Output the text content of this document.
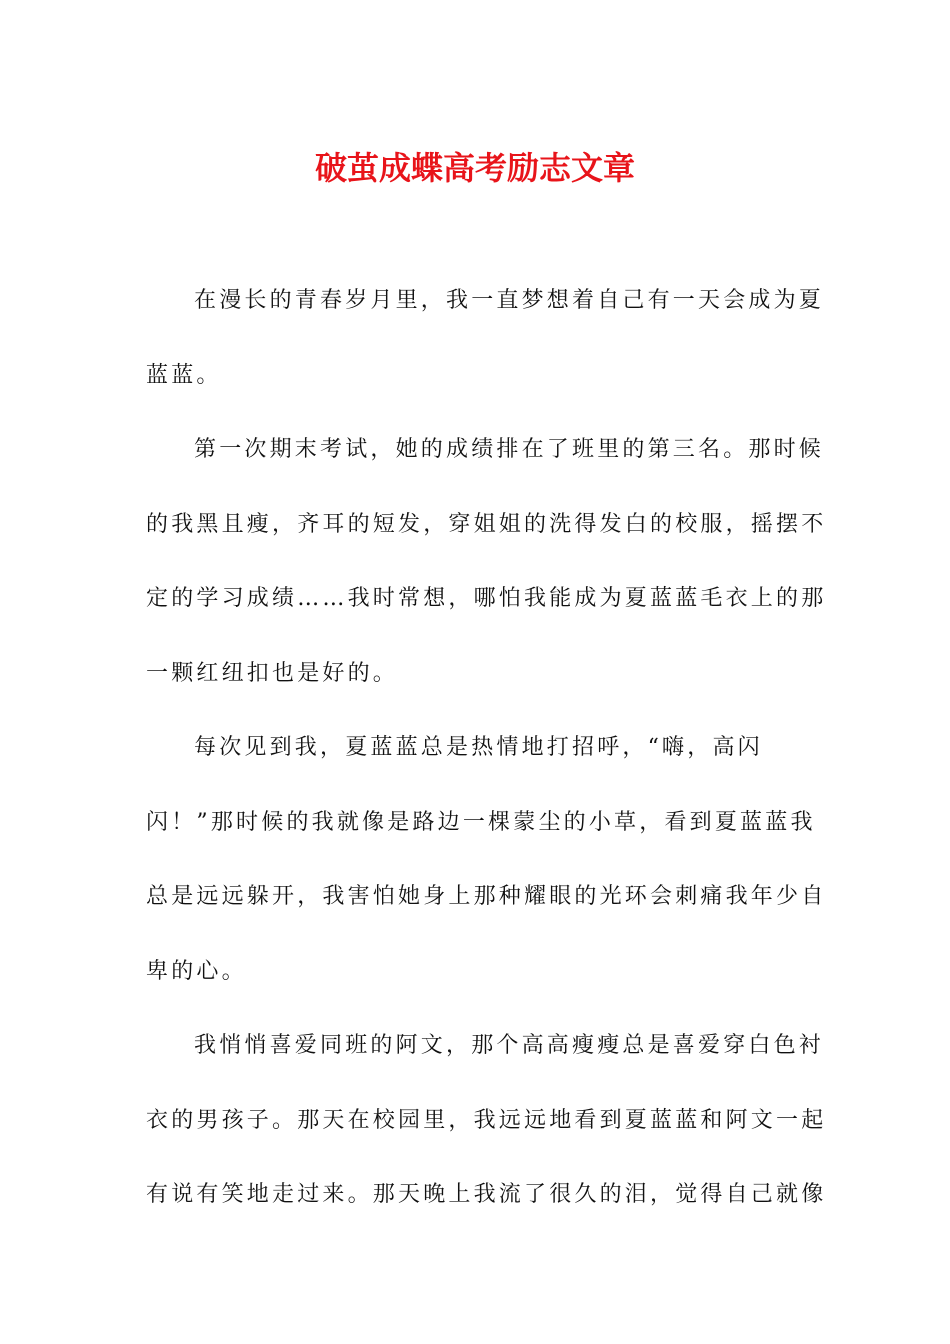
破茧成蝶高考励志文章

在漫长的青春岁月里，我一直梦想着自己有一天会成为夏
蓝蓝。

第一次期末考试，她的成绩排在了班里的第三名。那时候
的我黑且瘦，齐耳的短发，穿姐姐的洗得发白的校服，摇摆不
定的学习成绩……我时常想，哪怕我能成为夏蓝蓝毛衣上的那
一颗红纽扣也是好的。

每次见到我，夏蓝蓝总是热情地打招呼，“嗨，高闪
闪！”那时候的我就像是路边一棵蒙尘的小草，看到夏蓝蓝我
总是远远躲开，我害怕她身上那种耀眼的光环会刺痛我年少自
卑的心。

我悄悄喜爱同班的阿文，那个高高瘦瘦总是喜爱穿白色衬
衣的男孩子。那天在校园里，我远远地看到夏蓝蓝和阿文一起
有说有笑地走过来。那天晚上我流了很久的泪，觉得自己就像
